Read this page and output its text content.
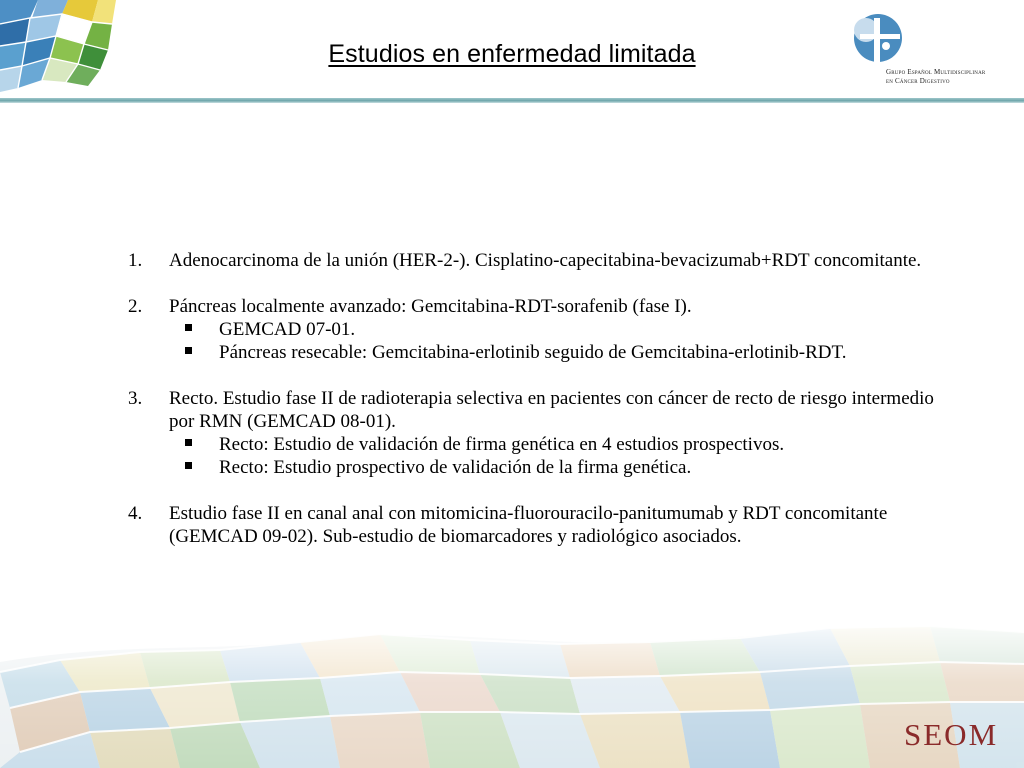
Estudios en enfermedad limitada
Grupo Español Multidisciplinar
en Cáncer Digestivo
1. Adenocarcinoma de la unión (HER-2-). Cisplatino-capecitabina-bevacizumab+RDT concomitante.
2. Páncreas localmente avanzado: Gemcitabina-RDT-sorafenib (fase I).
GEMCAD 07-01.
Páncreas resecable: Gemcitabina-erlotinib seguido de Gemcitabina-erlotinib-RDT.
3. Recto. Estudio fase II de radioterapia selectiva en pacientes con cáncer de recto de riesgo intermedio por RMN (GEMCAD 08-01).
Recto: Estudio de validación de firma genética en 4 estudios prospectivos.
Recto: Estudio prospectivo de validación de la firma genética.
4. Estudio fase II en canal anal con mitomicina-fluorouracilo-panitumumab y RDT concomitante (GEMCAD 09-02). Sub-estudio de biomarcadores y radiológico asociados.
SEOM
